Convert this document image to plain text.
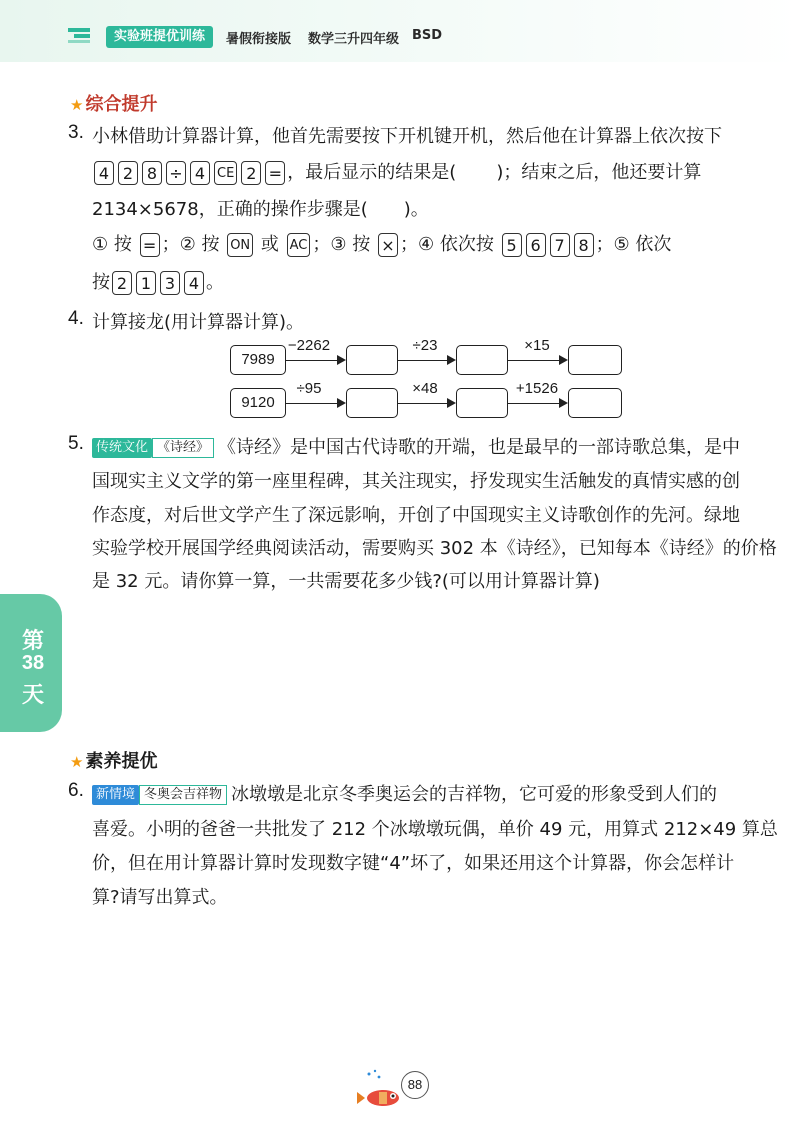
实验班提优训练	暑假衔接版 数学三升四年级 BSD
★ 综合提升
3. 小林借助计算器计算，他首先需要按下开机键开机，然后他在计算器上依次按下
4 2 8 ÷ 4 CE 2 = ，最后显示的结果是( )；结束之后，他还要计算
2134×5678，正确的操作步骤是(　　)。
① 按 = ；② 按 ON 或 AC ；③ 按 × ；④ 依次按 5 6 7 8 ；⑤ 依次
按 2 1 3 4 。
4. 计算接龙(用计算器计算)。
7989
−2262	÷23	×15
9120
÷95	×48	+1526
5. 传统文化 《诗经》 《诗经》是中国古代诗歌的开端，也是最早的一部诗歌总集，是中
国现实主义文学的第一座里程碑，其关注现实，抒发现实生活触发的真情实感的创
作态度，对后世文学产生了深远影响，开创了中国现实主义诗歌创作的先河。绿地
实验学校开展国学经典阅读活动，需要购买 302 本《诗经》，已知每本《诗经》的价格
是 32 元。请你算一算，一共需要花多少钱?(可以用计算器计算)
第
38
天
★ 素养提优
6. 新情境 冬奥会吉祥物 冰墩墩是北京冬季奥运会的吉祥物，它可爱的形象受到人们的
喜爱。小明的爸爸一共批发了 212 个冰墩墩玩偶，单价 49 元，用算式 212×49 算总
价，但在用计算器计算时发现数字键“4”坏了，如果还用这个计算器，你会怎样计
算?请写出算式。
88
